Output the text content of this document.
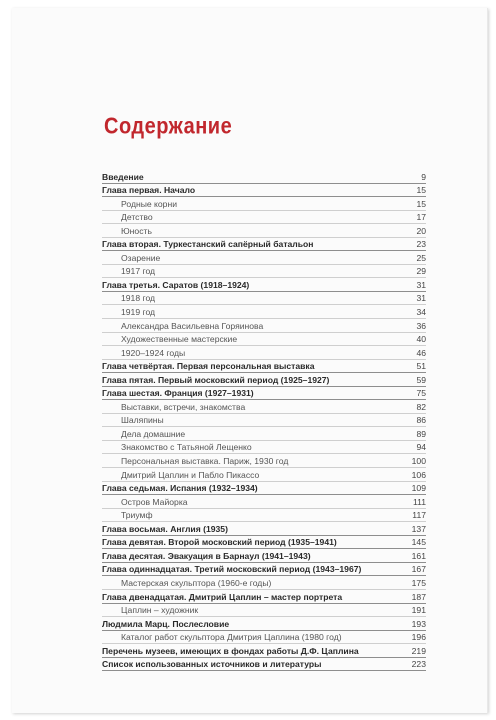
Содержание
Введение	9
Глава первая. Начало	15
Родные корни	15
Детство	17
Юность	20
Глава вторая. Туркестанский сапёрный батальон	23
Озарение	25
1917 год	29
Глава третья. Саратов (1918–1924)	31
1918 год	31
1919 год	34
Александра Васильевна Горяинова	36
Художественные мастерские	40
1920–1924 годы	46
Глава четвёртая. Первая персональная выставка	51
Глава пятая. Первый московский период (1925–1927)	59
Глава шестая. Франция (1927–1931)	75
Выставки, встречи, знакомства	82
Шаляпины	86
Дела домашние	89
Знакомство с Татьяной Лещенко	94
Персональная выставка. Париж, 1930 год	100
Дмитрий Цаплин и Пабло Пикассо	106
Глава седьмая. Испания (1932–1934)	109
Остров Майорка	111
Триумф	117
Глава восьмая. Англия (1935)	137
Глава девятая. Второй московский период (1935–1941)	145
Глава десятая. Эвакуация в Барнаул (1941–1943)	161
Глава одиннадцатая. Третий московский период (1943–1967)	167
Мастерская скульптора (1960-е годы)	175
Глава двенадцатая. Дмитрий Цаплин – мастер портрета	187
Цаплин – художник	191
Людмила Марц. Послесловие	193
Каталог работ скульптора Дмитрия Цаплина (1980 год)	196
Перечень музеев, имеющих в фондах работы Д.Ф. Цаплина	219
Список использованных источников и литературы	223
